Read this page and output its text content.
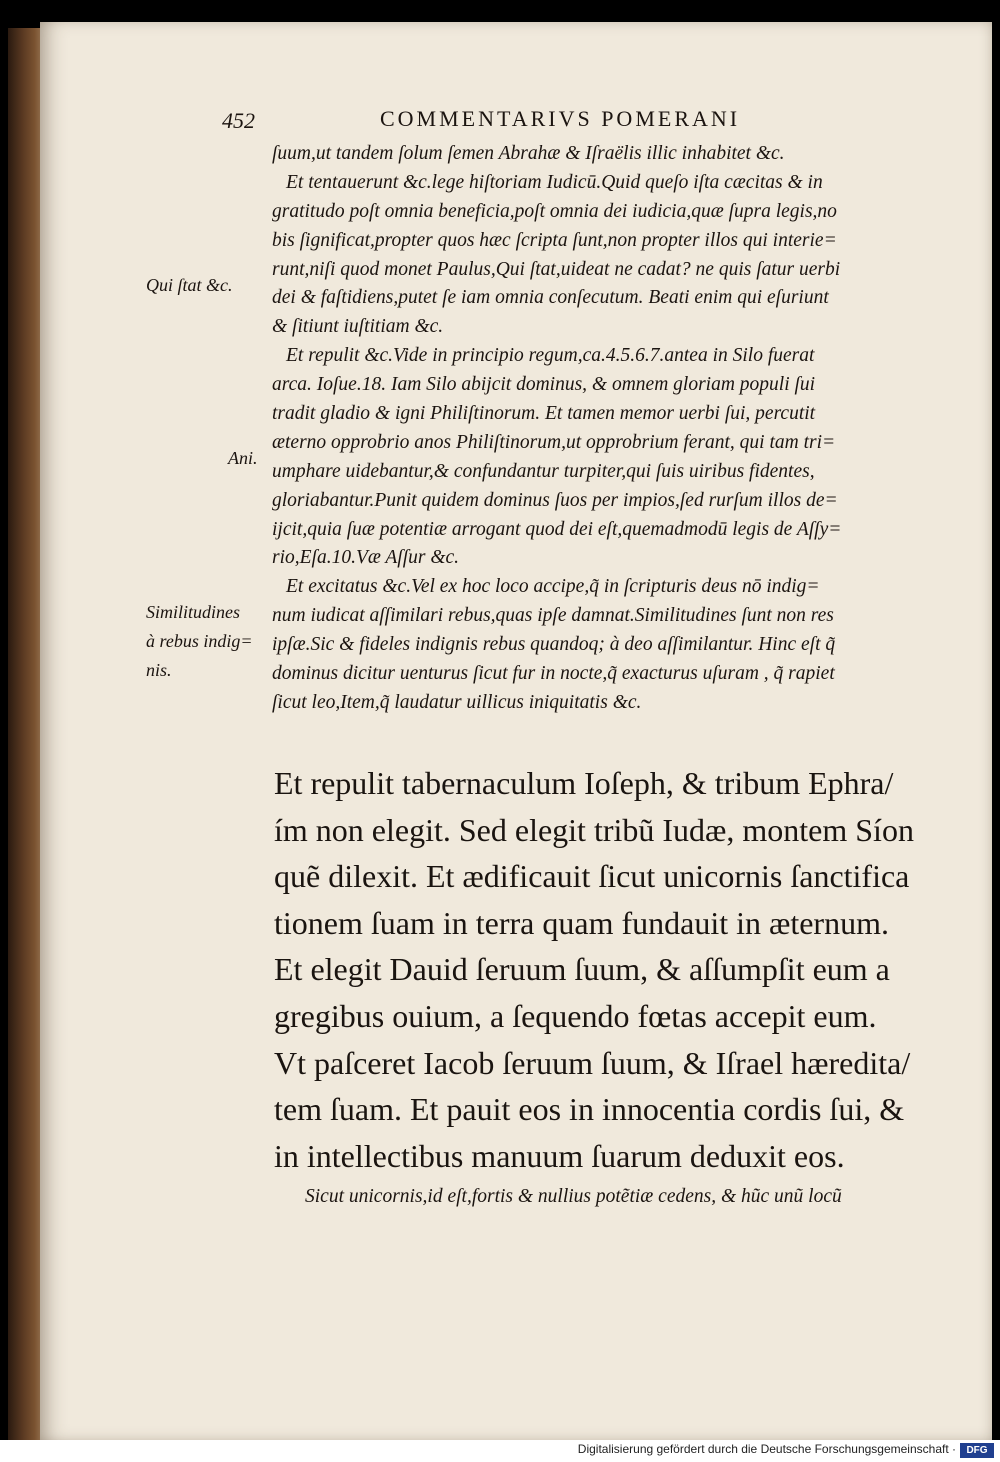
452	COMMENTARIVS POMERANI
ſuum,ut tandem ſolum ſemen Abrahæ & Iſraëlis illic inhabitet &c.
Et tentauerunt &c.lege hiſtoriam Iudicū.Quid queſo iſta cæcitas & in
gratitudo poſt omnia beneficia,poſt omnia dei iudicia,quæ ſupra legis,no
bis ſignificat,propter quos hæc ſcripta ſunt,non propter illos qui interie=
runt,niſi quod monet Paulus,Qui ſtat,uideat ne cadat? ne quis ſatur uerbi
dei & faſtidiens,putet ſe iam omnia conſecutum. Beati enim qui eſuriunt
& ſitiunt iuſtitiam &c.
Et repulit &c.Vide in principio regum,ca.4.5.6.7.antea in Silo fuerat
arca. Ioſue.18. Iam Silo abijcit dominus, & omnem gloriam populi ſui
tradit gladio & igni Philiſtinorum. Et tamen memor uerbi ſui, percutit
æterno opprobrio anos Philiſtinorum,ut opprobrium ferant, qui tam tri=
umphare uidebantur,& confundantur turpiter,qui ſuis uiribus fidentes,
gloriabantur.Punit quidem dominus ſuos per impios,ſed rurſum illos de=
ijcit,quia ſuæ potentiæ arrogant quod dei eſt,quemadmodū legis de Aſſy=
rio,Eſa.10.Væ Aſſur &c.
Et excitatus &c.Vel ex hoc loco accipe,q̃ in ſcripturis deus nō indig=
num iudicat aſſimilari rebus,quas ipſe damnat.Similitudines ſunt non res
ipſæ.Sic & fideles indignis rebus quandoq; à deo aſſimilantur. Hinc eſt q̃
dominus dicitur uenturus ſicut fur in nocte,q̃ exacturus uſuram , q̃ rapiet
ſicut leo,Item,q̃ laudatur uillicus iniquitatis &c.
Qui ſtat &c.
Ani.
Similitudines
à rebus indig=
nis.
Et repulit tabernaculum Ioſeph, & tribum Ephra/
ím non elegit. Sed elegit tribũ Iudæ, montem Síon
quẽ dilexit. Et ædificauit ſicut unicornis ſanctifica
tionem ſuam in terra quam fundauit in æternum.
Et elegit Dauid ſeruum ſuum, & aſſumpſit eum a
gregibus ouium, a ſequendo fœtas accepit eum.
Vt paſceret Iacob ſeruum ſuum, & Iſrael hæredita/
tem ſuam. Et pauit eos in innocentia cordis ſui, &
in intellectibus manuum ſuarum deduxit eos.
Sicut unicornis,id eſt,fortis & nullius potẽtiæ cedens, & hũc unũ locũ
Digitalisierung gefördert durch die Deutsche Forschungsgemeinschaft ·	DFG
